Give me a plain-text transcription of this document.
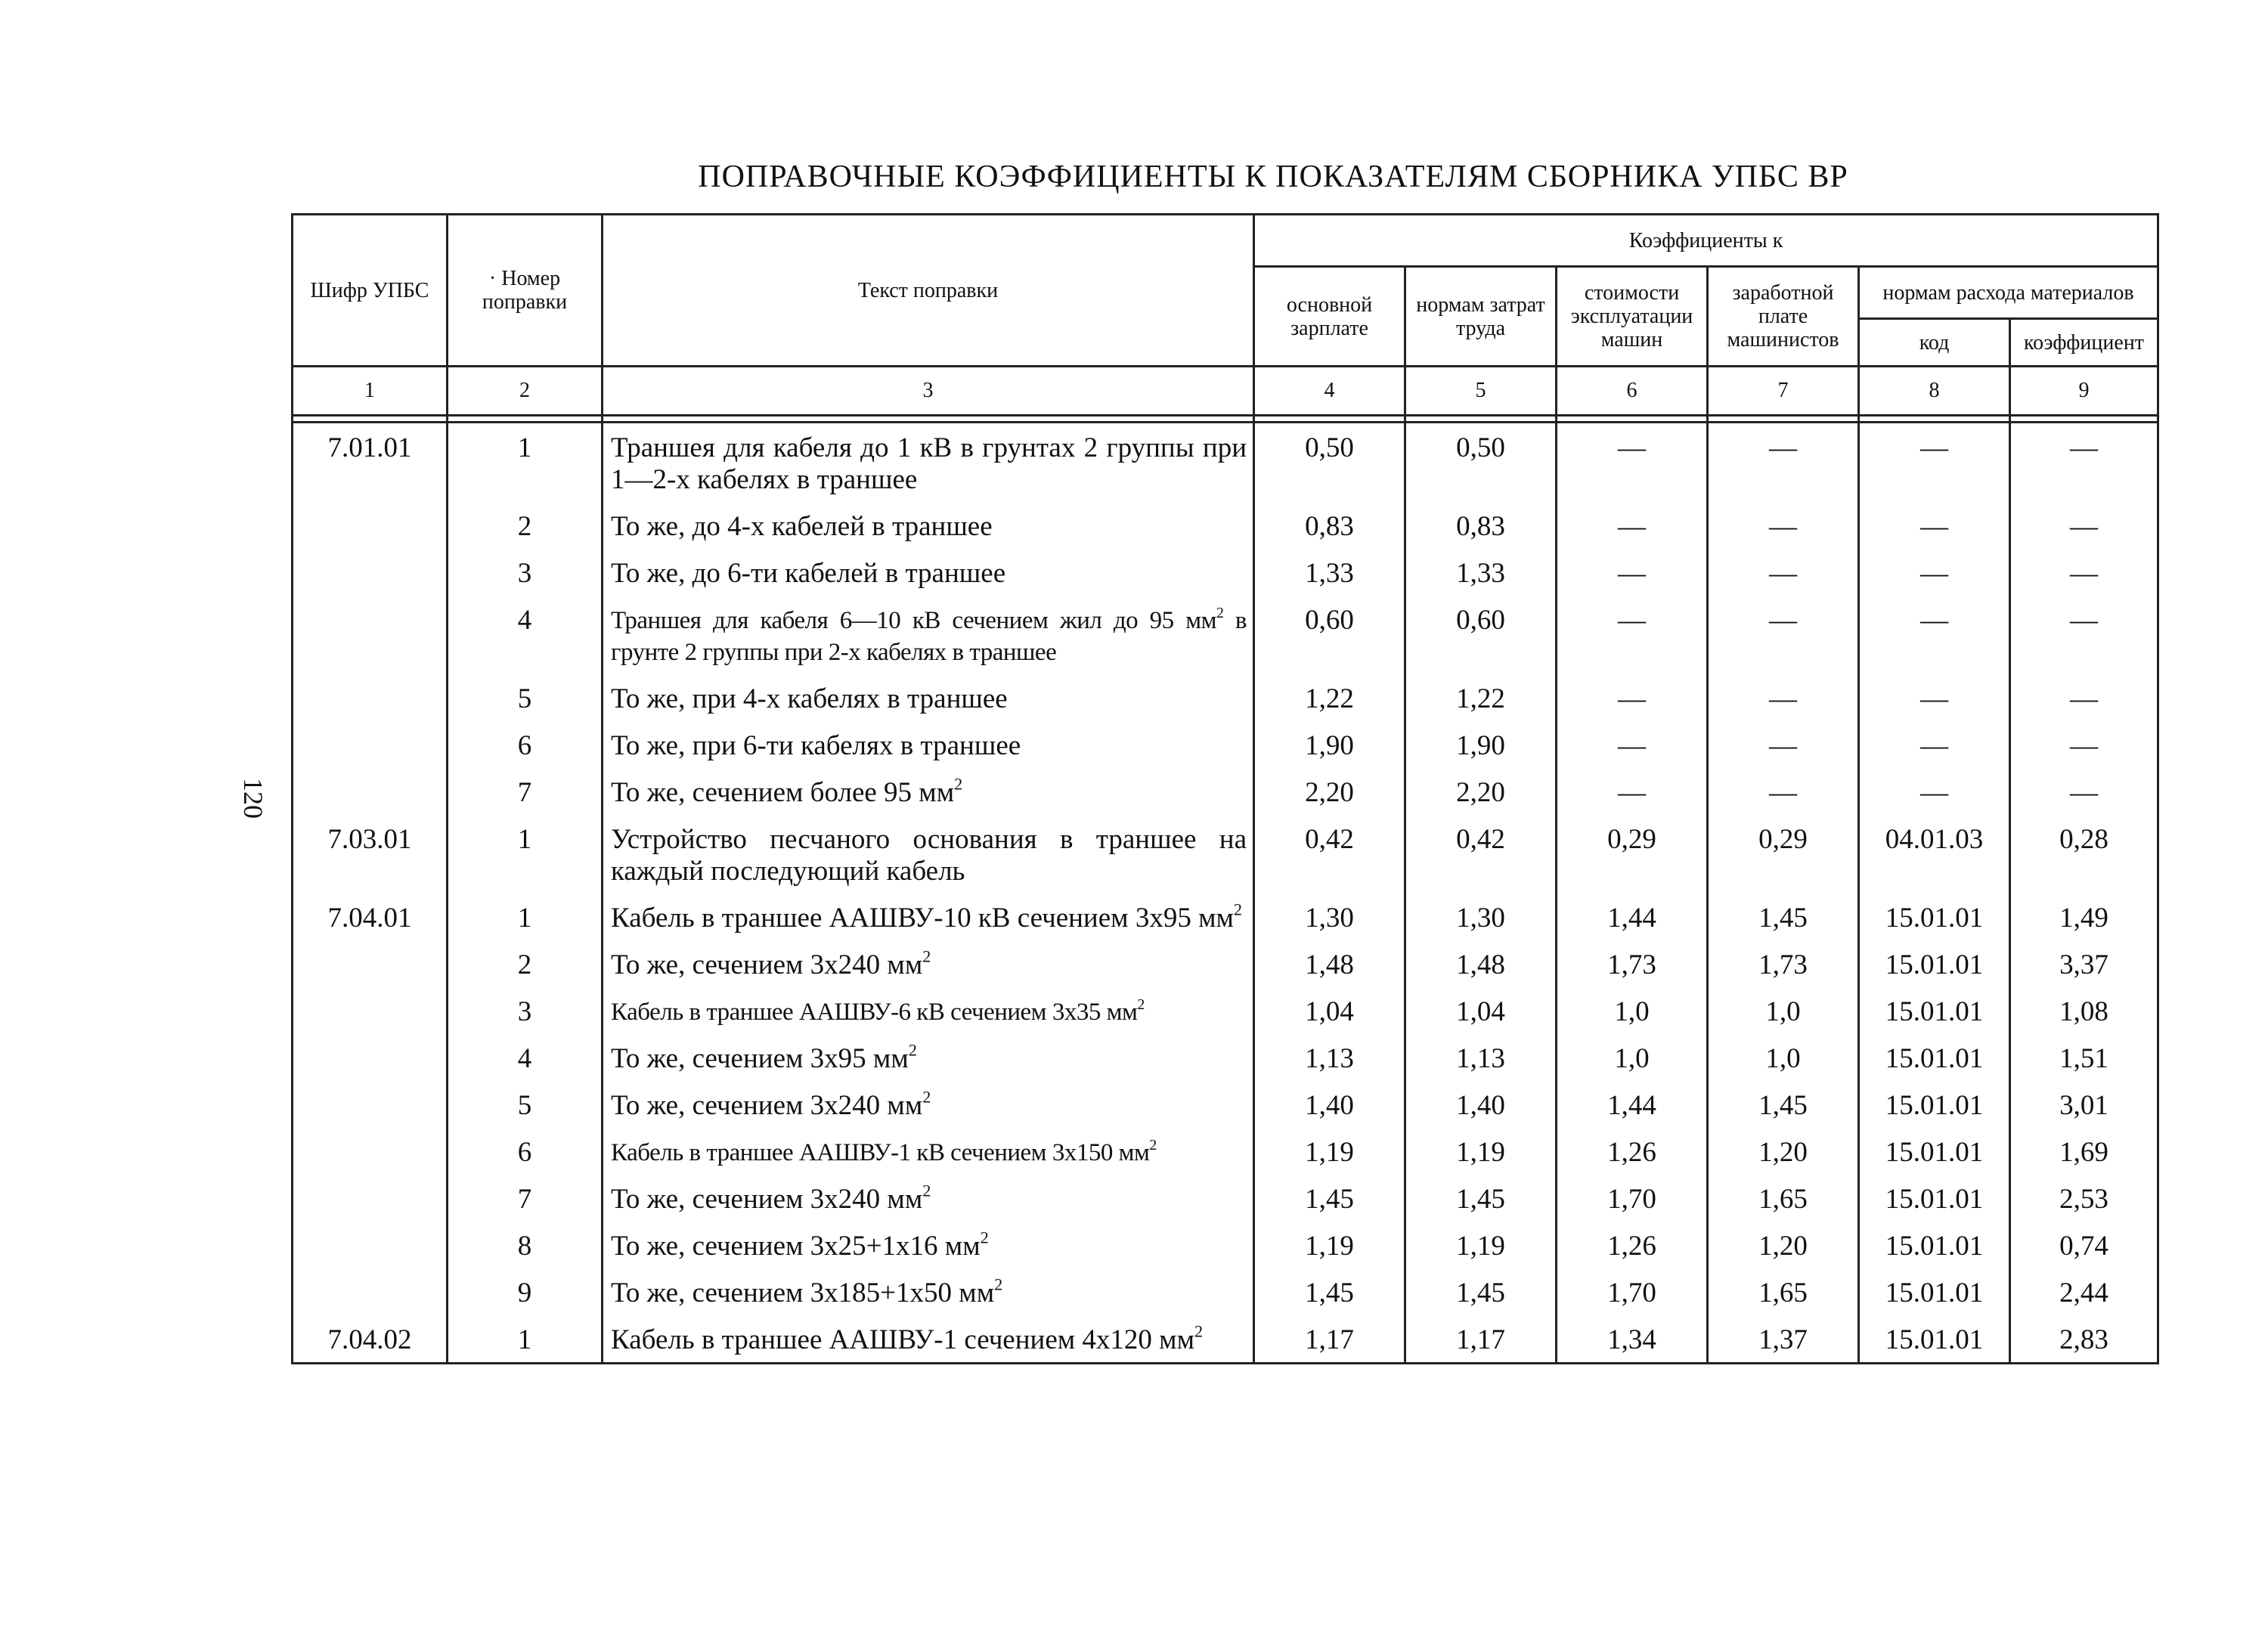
ПОПРАВОЧНЫЕ КОЭФФИЦИЕНТЫ К ПОКАЗАТЕЛЯМ СБОРНИКА УПБС ВР
120
Шифр УПБС	· Номер поправки	Текст поправки	Коэффициенты к					
			основной зарплате	нормам затрат труда	стоимости эксплуатации машин	заработной плате машинистов	нормам расхода материалов	
							код	коэффициент
1	2	3	4	5	6	7	8	9

7.01.01	1	Траншея для кабеля до 1 кВ в грунтах 2 группы при 1—2-х кабелях в траншее	0,50	0,50	—	—	—	—
	2	То же, до 4-х кабелей в траншее	0,83	0,83	—	—	—	—
	3	То же, до 6-ти кабелей в траншее	1,33	1,33	—	—	—	—
	4	Траншея для кабеля 6—10 кВ сечением жил до 95 $мм^2$ в грунте 2 группы при 2-х кабелях в траншее	0,60	0,60	—	—	—	—
	5	То же, при 4-х кабелях в траншее	1,22	1,22	—	—	—	—
	6	То же, при 6-ти кабелях в траншее	1,90	1,90	—	—	—	—
	7	То же, сечением более 95 $мм^2$	2,20	2,20	—	—	—	—
7.03.01	1	Устройство песчаного основания в траншее на каждый последующий кабель	0,42	0,42	0,29	0,29	04.01.03	0,28
7.04.01	1	Кабель в траншее ААШВУ-10 кВ сечением 3x95 $мм^2$	1,30	1,30	1,44	1,45	15.01.01	1,49
	2	То же, сечением 3x240 $мм^2$	1,48	1,48	1,73	1,73	15.01.01	3,37
	3	Кабель в траншее ААШВУ-6 кВ сечением 3x35 $мм^2$	1,04	1,04	1,0	1,0	15.01.01	1,08
	4	То же, сечением 3x95 $мм^2$	1,13	1,13	1,0	1,0	15.01.01	1,51
	5	То же, сечением 3x240 $мм^2$	1,40	1,40	1,44	1,45	15.01.01	3,01
	6	Кабель в траншее ААШВУ-1 кВ сечением 3x150 $мм^2$	1,19	1,19	1,26	1,20	15.01.01	1,69
	7	То же, сечением 3x240 $мм^2$	1,45	1,45	1,70	1,65	15.01.01	2,53
	8	То же, сечением 3x25+1x16 $мм^2$	1,19	1,19	1,26	1,20	15.01.01	0,74
	9	То же, сечением 3x185+1x50 $мм^2$	1,45	1,45	1,70	1,65	15.01.01	2,44
7.04.02	1	Кабель в траншее ААШВУ-1 сечением 4x120 $мм^2$	1,17	1,17	1,34	1,37	15.01.01	2,83
